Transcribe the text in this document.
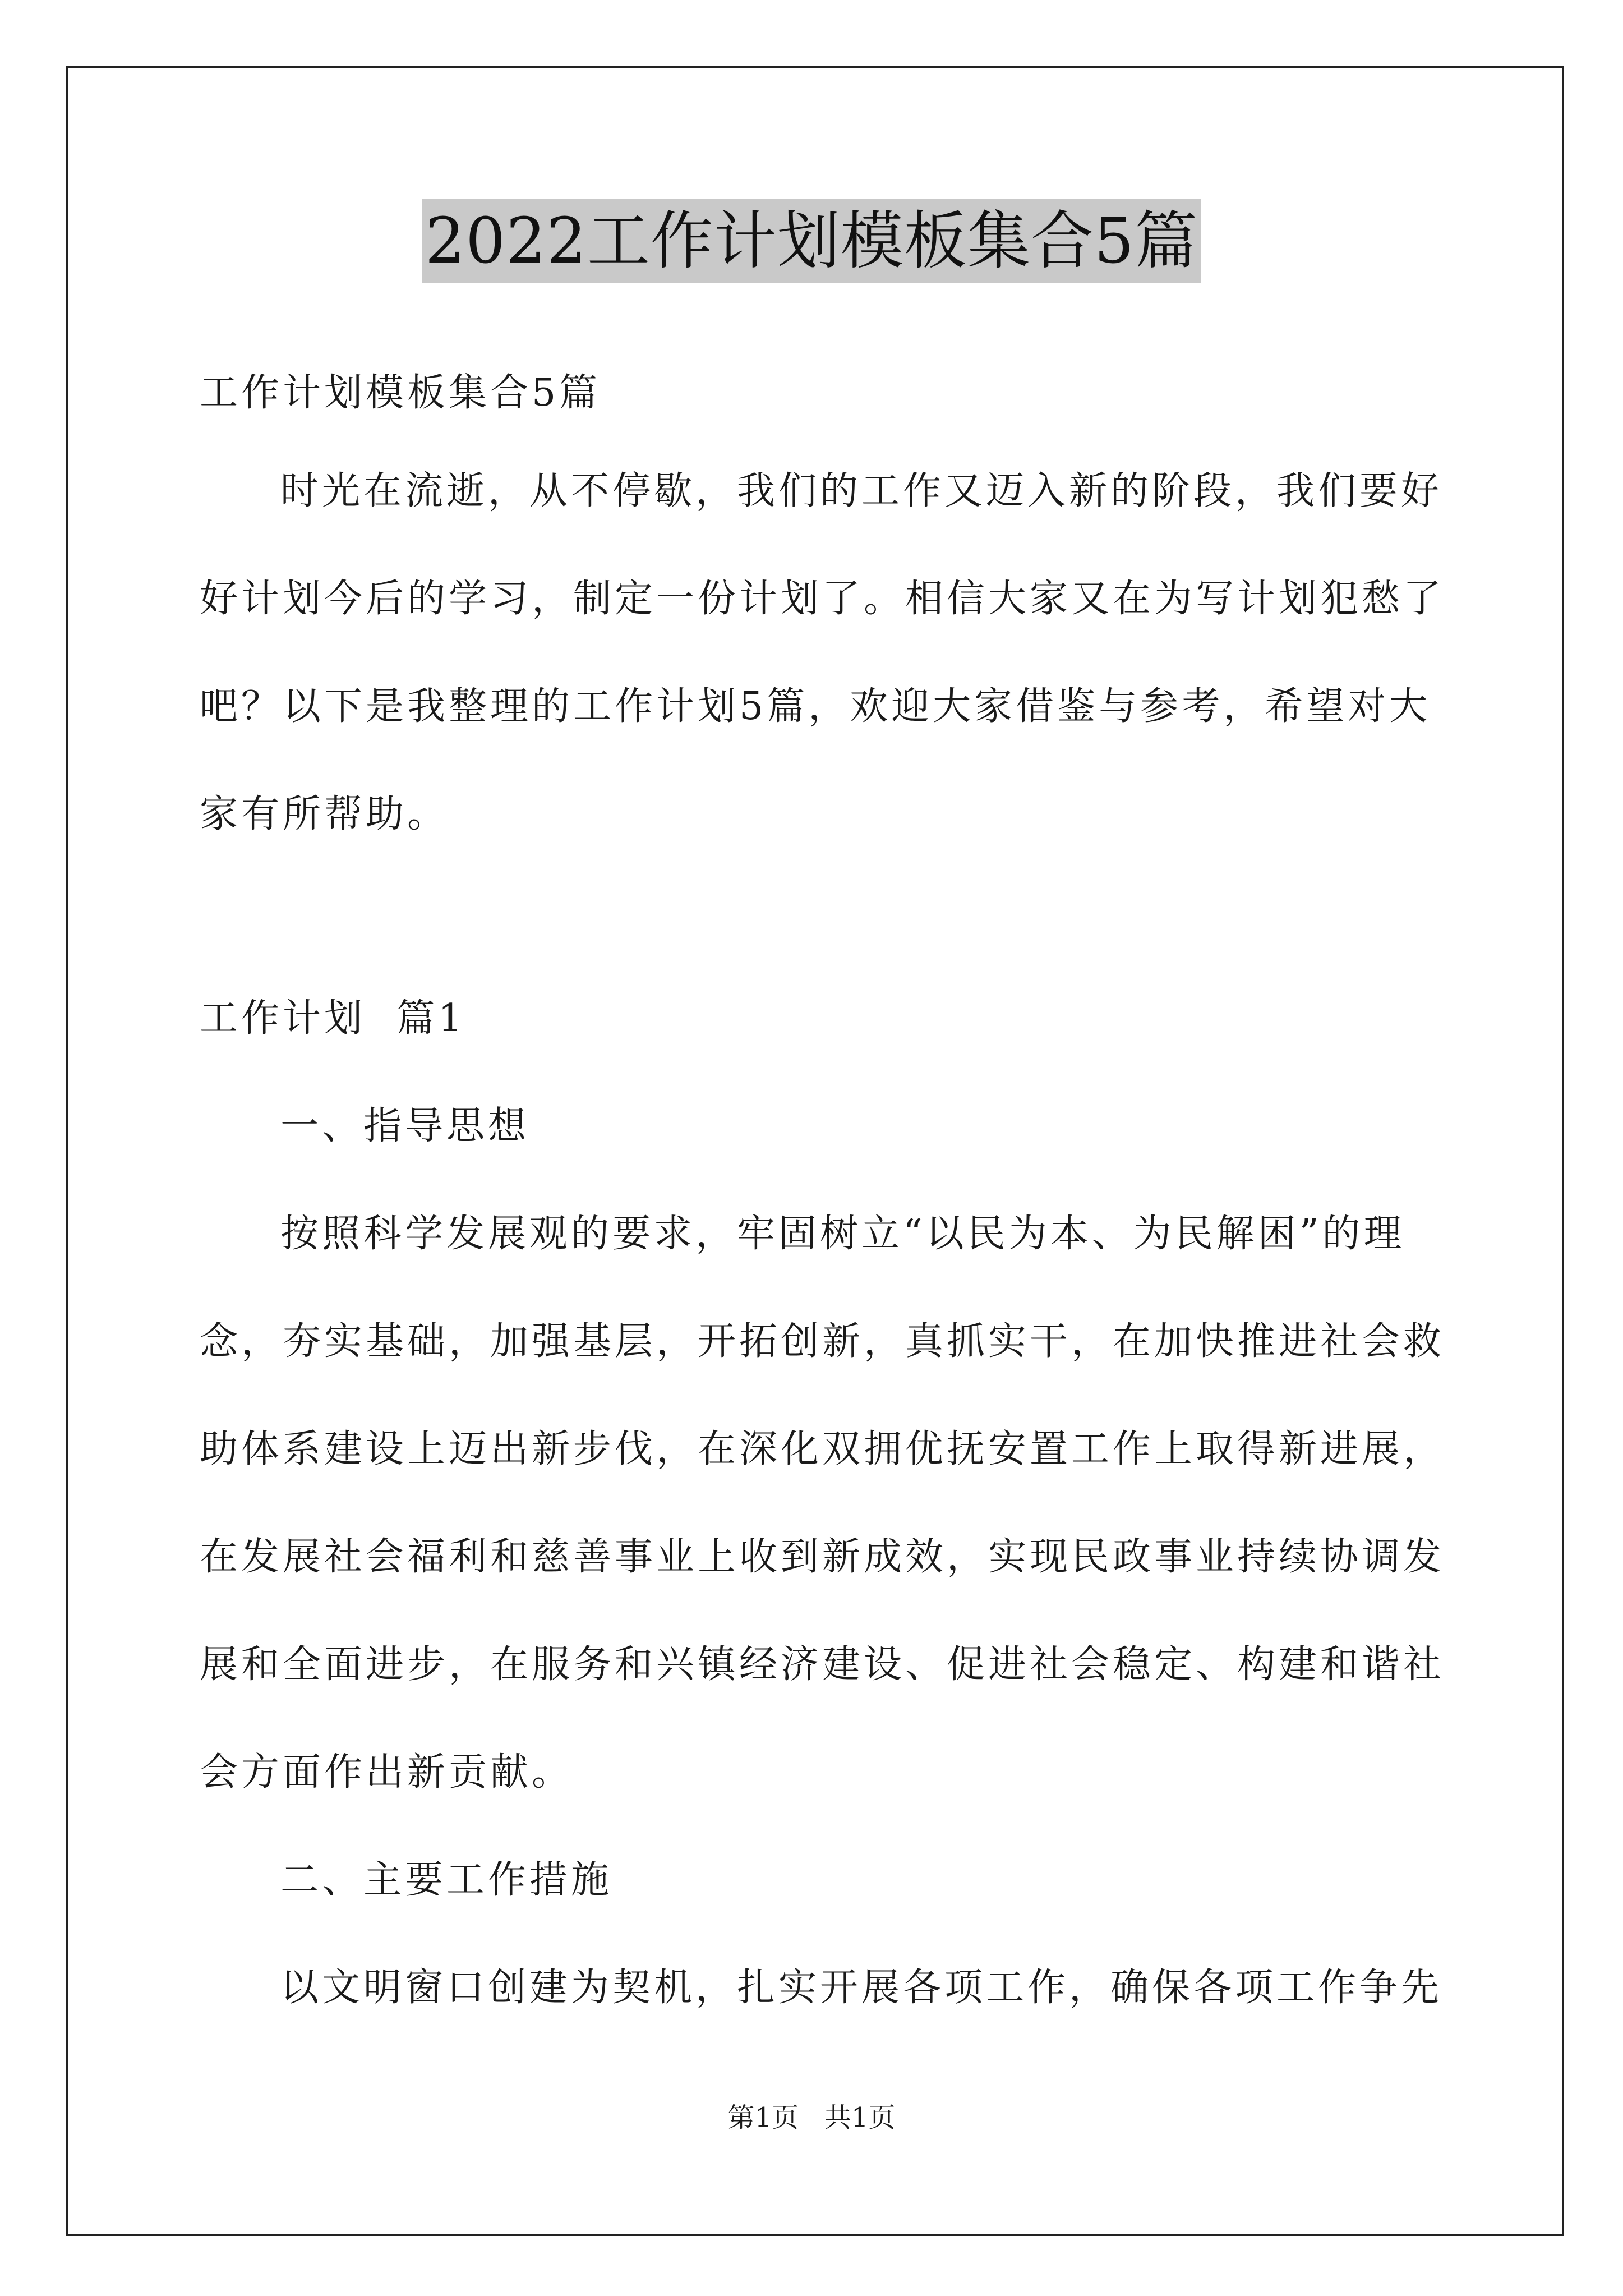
2022工作计划模板集合5篇

工作计划模板集合5篇

时光在流逝，从不停歇，我们的工作又迈入新的阶段，我们要好

好计划今后的学习，制定一份计划了。相信大家又在为写计划犯愁了

吧？以下是我整理的工作计划5篇，欢迎大家借鉴与参考，希望对大

家有所帮助。

工作计划  篇1

一、指导思想

按照科学发展观的要求，牢固树立“以民为本、为民解困”的理

念，夯实基础，加强基层，开拓创新，真抓实干，在加快推进社会救

助体系建设上迈出新步伐，在深化双拥优抚安置工作上取得新进展，

在发展社会福利和慈善事业上收到新成效，实现民政事业持续协调发

展和全面进步，在服务和兴镇经济建设、促进社会稳定、构建和谐社

会方面作出新贡献。

二、主要工作措施

以文明窗口创建为契机，扎实开展各项工作，确保各项工作争先

第1页   共1页
